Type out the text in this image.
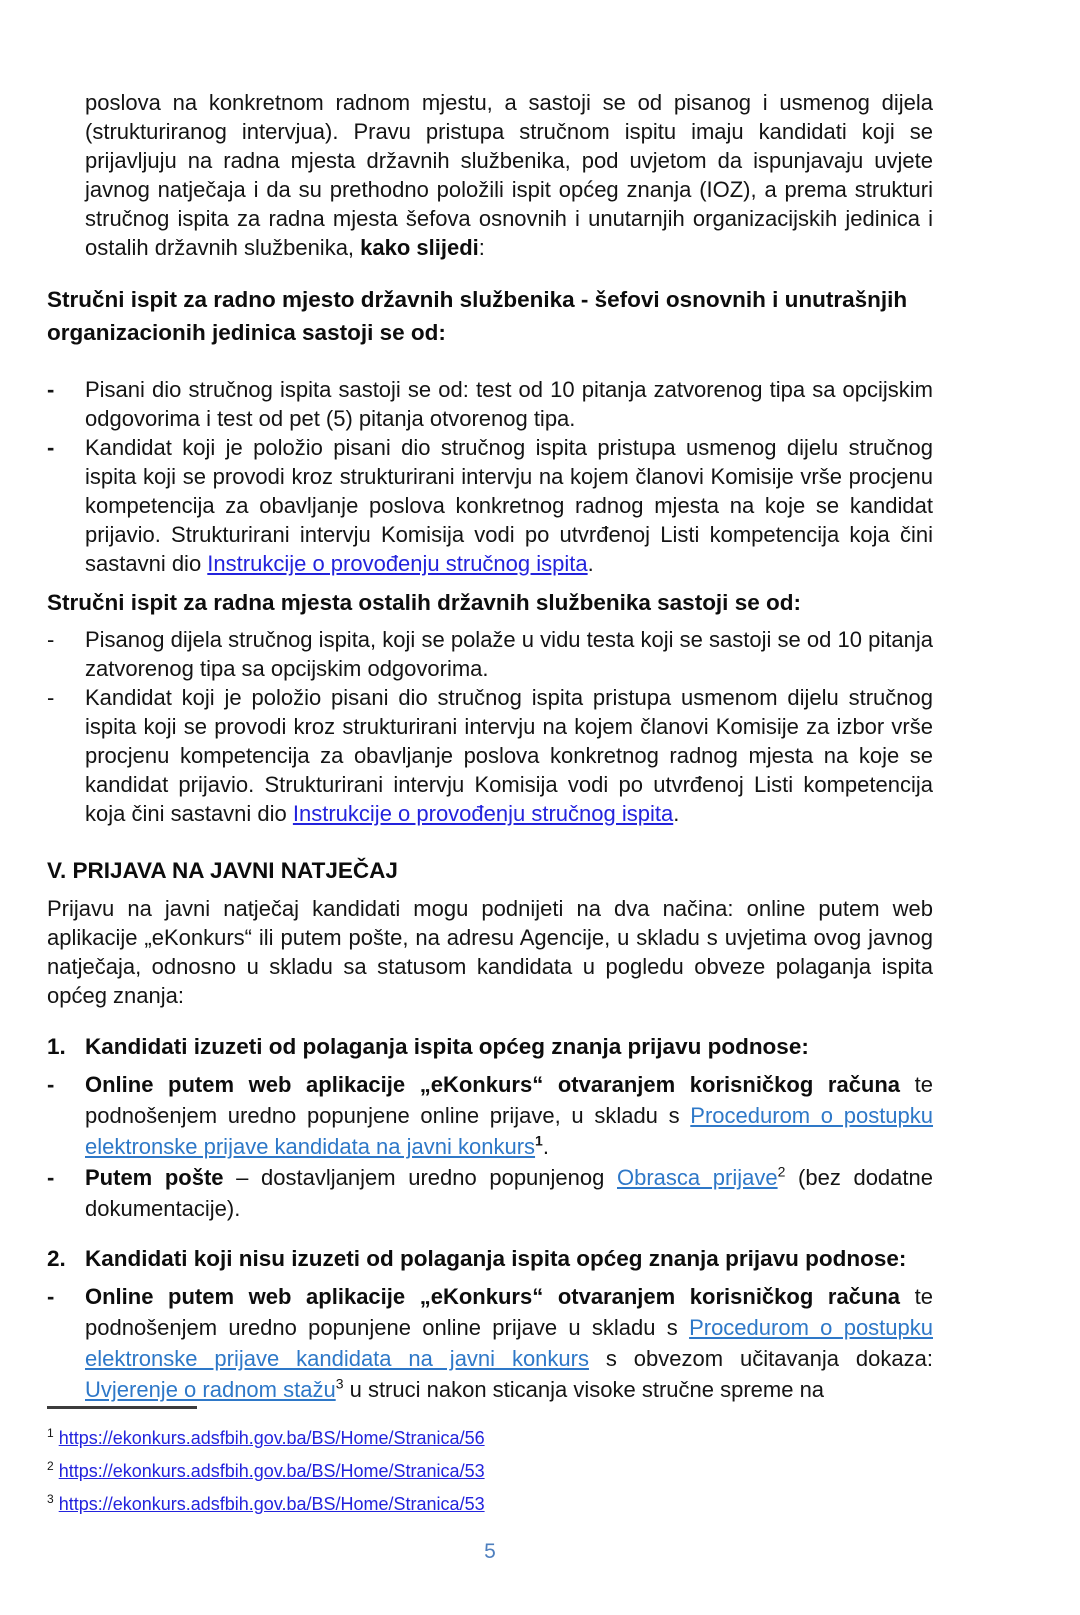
poslova na konkretnom radnom mjestu, a sastoji se od pisanog i usmenog dijela (strukturiranog intervjua). Pravu pristupa stručnom ispitu imaju kandidati koji se prijavljuju na radna mjesta državnih službenika, pod uvjetom da ispunjavaju uvjete javnog natječaja i da su prethodno položili ispit općeg znanja (IOZ), a prema strukturi stručnog ispita za radna mjesta šefova osnovnih i unutarnjih organizacijskih jedinica i ostalih državnih službenika, kako slijedi:

Stručni ispit za radno mjesto državnih službenika - šefovi osnovnih i unutrašnjih organizacionih jedinica sastoji se od:
- Pisani dio stručnog ispita sastoji se od: test od 10 pitanja zatvorenog tipa sa opcijskim odgovorima i test od pet (5) pitanja otvorenog tipa.
- Kandidat koji je položio pisani dio stručnog ispita pristupa usmenog dijelu stručnog ispita koji se provodi kroz strukturirani intervju na kojem članovi Komisije vrše procjenu kompetencija za obavljanje poslova konkretnog radnog mjesta na koje se kandidat prijavio. Strukturirani intervju Komisija vodi po utvrđenoj Listi kompetencija koja čini sastavni dio Instrukcije o provođenju stručnog ispita.
Stručni ispit za radna mjesta ostalih državnih službenika sastoji se od:
- Pisanog dijela stručnog ispita, koji se polaže u vidu testa koji se sastoji se od 10 pitanja zatvorenog tipa sa opcijskim odgovorima.
- Kandidat koji je položio pisani dio stručnog ispita pristupa usmenom dijelu stručnog ispita koji se provodi kroz strukturirani intervju na kojem članovi Komisije za izbor vrše procjenu kompetencija za obavljanje poslova konkretnog radnog mjesta na koje se kandidat prijavio. Strukturirani intervju Komisija vodi po utvrđenoj Listi kompetencija koja čini sastavni dio Instrukcije o provođenju stručnog ispita.
V. PRIJAVA NA JAVNI NATJEČAJ

Prijavu na javni natječaj kandidati mogu podnijeti na dva načina: online putem web aplikacije „eKonkurs“ ili putem pošte, na adresu Agencije, u skladu s uvjetima ovog javnog natječaja, odnosno u skladu sa statusom kandidata u pogledu obveze polaganja ispita općeg znanja:

1. Kandidati izuzeti od polaganja ispita općeg znanja prijavu podnose:
- Online putem web aplikacije „eKonkurs“ otvaranjem korisničkog računa te podnošenjem uredno popunjene online prijave, u skladu s Procedurom o postupku elektronske prijave kandidata na javni konkurs$^1$.
- Putem pošte – dostavljanjem uredno popunjenog Obrasca prijave$^2$ (bez dodatne dokumentacije).
2. Kandidati koji nisu izuzeti od polaganja ispita općeg znanja prijavu podnose:
- Online putem web aplikacije „eKonkurs“ otvaranjem korisničkog računa te podnošenjem uredno popunjene online prijave u skladu s Procedurom o postupku elektronske prijave kandidata na javni konkurs s obvezom učitavanja dokaza: Uvjerenje o radnom stažu$^3$ u struci nakon sticanja visoke stručne spreme na
$^1$ https://ekonkurs.adsfbih.gov.ba/BS/Home/Stranica/56
$^2$ https://ekonkurs.adsfbih.gov.ba/BS/Home/Stranica/53
$^3$ https://ekonkurs.adsfbih.gov.ba/BS/Home/Stranica/53
5
